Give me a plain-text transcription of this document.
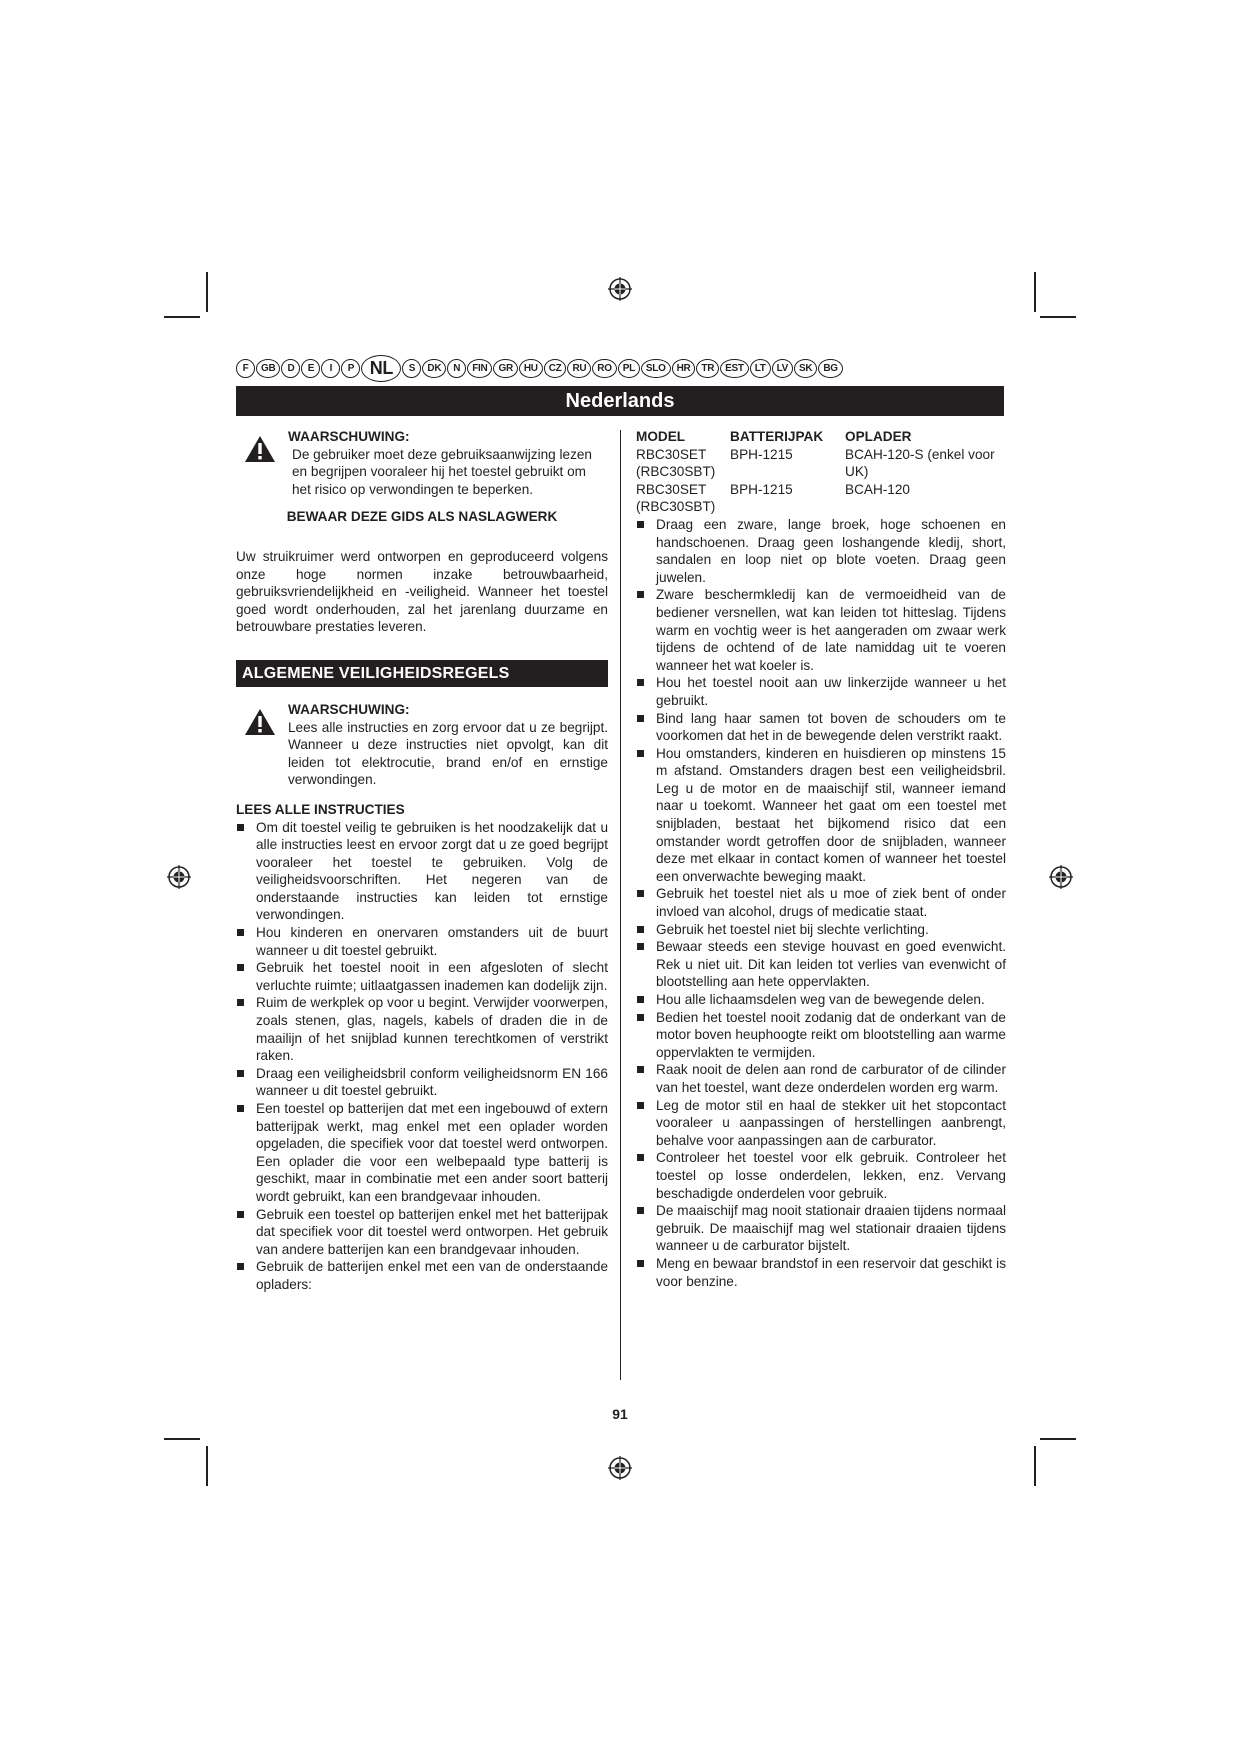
F	GB	D	E	I	P NL	S	DK	N	FIN	GR	HU	CZ	RU	RO	PL	SLO	HR	TR	EST	LT	LV	SK	BG
Nederlands
WAARSCHUWING:
De gebruiker moet deze gebruiksaanwijzing lezen en begrijpen vooraleer hij het toestel gebruikt om het risico op verwondingen te beperken.
BEWAAR DEZE GIDS ALS NASLAGWERK
Uw struikruimer werd ontworpen en geproduceerd volgens onze hoge normen inzake betrouwbaarheid, gebruiksvriendelijkheid en -veiligheid. Wanneer het toestel goed wordt onderhouden, zal het jarenlang duurzame en betrouwbare prestaties leveren.
ALGEMENE VEILIGHEIDSREGELS
WAARSCHUWING:
Lees alle instructies en zorg ervoor dat u ze begrijpt. Wanneer u deze instructies niet opvolgt, kan dit leiden tot elektrocutie, brand en/of en ernstige verwondingen.
LEES ALLE INSTRUCTIES
Om dit toestel veilig te gebruiken is het noodzakelijk dat u alle instructies leest en ervoor zorgt dat u ze goed begrijpt vooraleer het toestel te gebruiken. Volg de veiligheidsvoorschriften. Het negeren van de onderstaande instructies kan leiden tot ernstige verwondingen.
Hou kinderen en onervaren omstanders uit de buurt wanneer u dit toestel gebruikt.
Gebruik het toestel nooit in een afgesloten of slecht verluchte ruimte; uitlaatgassen inademen kan dodelijk zijn.
Ruim de werkplek op voor u begint. Verwijder voorwerpen, zoals stenen, glas, nagels, kabels of draden die in de maailijn of het snijblad kunnen terechtkomen of verstrikt raken.
Draag een veiligheidsbril conform veiligheidsnorm EN 166 wanneer u dit toestel gebruikt.
Een toestel op batterijen dat met een ingebouwd of extern batterijpak werkt, mag enkel met een oplader worden opgeladen, die specifiek voor dat toestel werd ontworpen. Een oplader die voor een welbepaald type batterij is geschikt, maar in combinatie met een ander soort batterij wordt gebruikt, kan een brandgevaar inhouden.
Gebruik een toestel op batterijen enkel met het batterijpak dat specifiek voor dit toestel werd ontworpen. Het gebruik van andere batterijen kan een brandgevaar inhouden.
Gebruik de batterijen enkel met een van de onderstaande opladers:
MODEL	BATTERIJPAK	OPLADER
RBC30SET (RBC30SBT)	BPH-1215	BCAH-120-S (enkel voor UK)
RBC30SET (RBC30SBT)	BPH-1215	BCAH-120
Draag een zware, lange broek, hoge schoenen en handschoenen. Draag geen loshangende kledij, short, sandalen en loop niet op blote voeten. Draag geen juwelen.
Zware beschermkledij kan de vermoeidheid van de bediener versnellen, wat kan leiden tot hitteslag. Tijdens warm en vochtig weer is het aangeraden om zwaar werk tijdens de ochtend of de late namiddag uit te voeren wanneer het wat koeler is.
Hou het toestel nooit aan uw linkerzijde wanneer u het gebruikt.
Bind lang haar samen tot boven de schouders om te voorkomen dat het in de bewegende delen verstrikt raakt.
Hou omstanders, kinderen en huisdieren op minstens 15 m afstand. Omstanders dragen best een veiligheidsbril. Leg u de motor en de maaischijf stil, wanneer iemand naar u toekomt. Wanneer het gaat om een toestel met snijbladen, bestaat het bijkomend risico dat een omstander wordt getroffen door de snijbladen, wanneer deze met elkaar in contact komen of wanneer het toestel een onverwachte beweging maakt.
Gebruik het toestel niet als u moe of ziek bent of onder invloed van alcohol, drugs of medicatie staat.
Gebruik het toestel niet bij slechte verlichting.
Bewaar steeds een stevige houvast en goed evenwicht. Rek u niet uit. Dit kan leiden tot verlies van evenwicht of blootstelling aan hete oppervlakten.
Hou alle lichaamsdelen weg van de bewegende delen.
Bedien het toestel nooit zodanig dat de onderkant van de motor boven heuphoogte reikt om blootstelling aan warme oppervlakten te vermijden.
Raak nooit de delen aan rond de carburator of de cilinder van het toestel, want deze onderdelen worden erg warm.
Leg de motor stil en haal de stekker uit het stopcontact vooraleer u aanpassingen of herstellingen aanbrengt, behalve voor aanpassingen aan de carburator.
Controleer het toestel voor elk gebruik. Controleer het toestel op losse onderdelen, lekken, enz. Vervang beschadigde onderdelen voor gebruik.
De maaischijf mag nooit stationair draaien tijdens normaal gebruik. De maaischijf mag wel stationair draaien tijdens wanneer u de carburator bijstelt.
Meng en bewaar brandstof in een reservoir dat geschikt is voor benzine.
91
